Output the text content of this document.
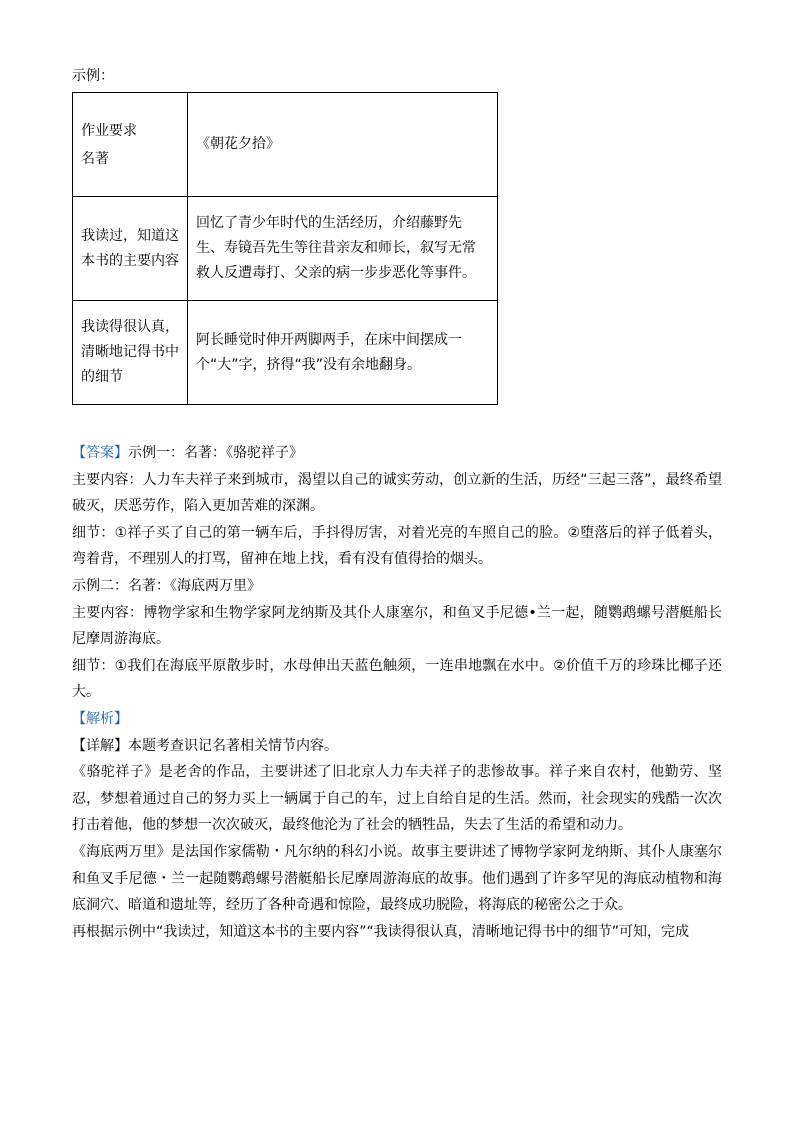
示例：
作业要求
名著	《朝花夕拾》
我读过，知道这本书的主要内容	回忆了青少年时代的生活经历，介绍藤野先生、寿镜吾先生等往昔亲友和师长，叙写无常救人反遭毒打、父亲的病一步步恶化等事件。
我读得很认真，清晰地记得书中的细节	阿长睡觉时伸开两脚两手，在床中间摆成一个“大”字，挤得“我”没有余地翻身。

【答案】示例一：名著：《骆驼祥子》

主要内容：人力车夫祥子来到城市，渴望以自己的诚实劳动，创立新的生活，历经“三起三落”，最终希望破灭，厌恶劳作，陷入更加苦难的深渊。

细节：①祥子买了自己的第一辆车后，手抖得厉害，对着光亮的车照自己的脸。②堕落后的祥子低着头，弯着背，不理别人的打骂，留神在地上找，看有没有值得拾的烟头。

示例二：名著：《海底两万里》

主要内容：博物学家和生物学家阿龙纳斯及其仆人康塞尔，和鱼叉手尼德•兰一起，随鹦鹉螺号潜艇船长尼摩周游海底。

细节：①我们在海底平原散步时，水母伸出天蓝色触须，一连串地飘在水中。②价值千万的珍珠比椰子还大。

【解析】

【详解】本题考查识记名著相关情节内容。

《骆驼祥子》是老舍的作品，主要讲述了旧北京人力车夫祥子的悲惨故事。祥子来自农村，他勤劳、坚忍，梦想着通过自己的努力买上一辆属于自己的车，过上自给自足的生活。然而，社会现实的残酷一次次打击着他，他的梦想一次次破灭，最终他沦为了社会的牺牲品，失去了生活的希望和动力。

《海底两万里》是法国作家儒勒・凡尔纳的科幻小说。故事主要讲述了博物学家阿龙纳斯、其仆人康塞尔和鱼叉手尼德・兰一起随鹦鹉螺号潜艇船长尼摩周游海底的故事。他们遇到了许多罕见的海底动植物和海底洞穴、暗道和遗址等，经历了各种奇遇和惊险，最终成功脱险，将海底的秘密公之于众。

再根据示例中“我读过，知道这本书的主要内容”“我读得很认真，清晰地记得书中的细节”可知，完成
